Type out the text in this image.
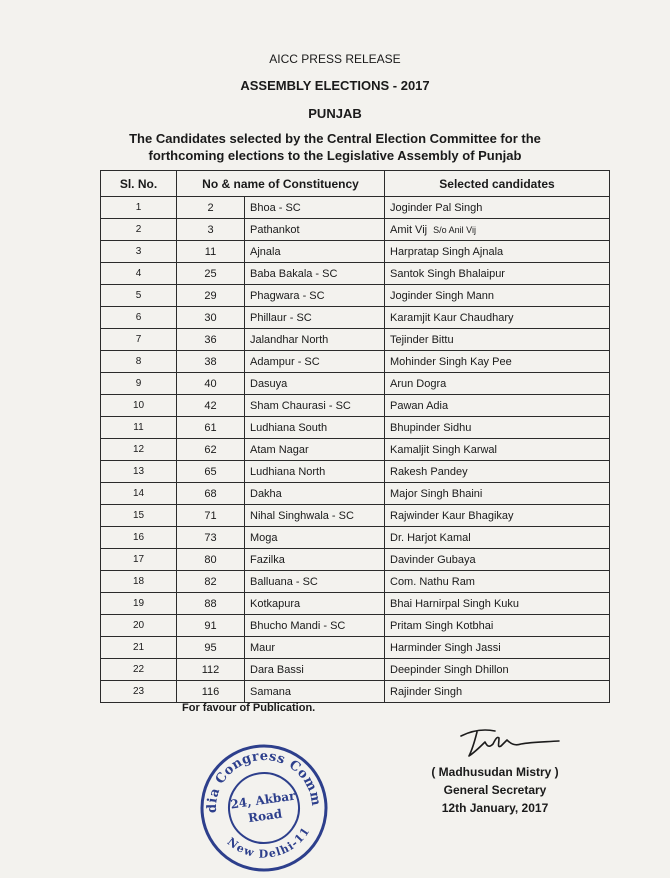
AICC PRESS RELEASE
ASSEMBLY ELECTIONS - 2017
PUNJAB
The Candidates selected by the Central Election Committee for the
forthcoming elections to the Legislative Assembly of Punjab
Sl. No.	No & name of Constituency		Selected candidates
1	2	Bhoa - SC	Joginder Pal Singh
2	3	Pathankot	Amit Vij S/o Anil Vij
3	11	Ajnala	Harpratap Singh Ajnala
4	25	Baba Bakala - SC	Santok Singh Bhalaipur
5	29	Phagwara - SC	Joginder Singh Mann
6	30	Phillaur - SC	Karamjit Kaur Chaudhary
7	36	Jalandhar North	Tejinder Bittu
8	38	Adampur - SC	Mohinder Singh Kay Pee
9	40	Dasuya	Arun Dogra
10	42	Sham Chaurasi - SC	Pawan Adia
11	61	Ludhiana South	Bhupinder Sidhu
12	62	Atam Nagar	Kamaljit Singh Karwal
13	65	Ludhiana North	Rakesh Pandey
14	68	Dakha	Major Singh Bhaini
15	71	Nihal Singhwala - SC	Rajwinder Kaur Bhagikay
16	73	Moga	Dr. Harjot Kamal
17	80	Fazilka	Davinder Gubaya
18	82	Balluana - SC	Com. Nathu Ram
19	88	Kotkapura	Bhai Harnirpal Singh Kuku
20	91	Bhucho Mandi - SC	Pritam Singh Kotbhai
21	95	Maur	Harminder Singh Jassi
22	112	Dara Bassi	Deepinder Singh Dhillon
23	116	Samana	Rajinder Singh
For favour of Publication.
( Madhusudan Mistry )
General Secretary
12th January, 2017
India Congress Committee
New Delhi-11
24, Akbar
Road
